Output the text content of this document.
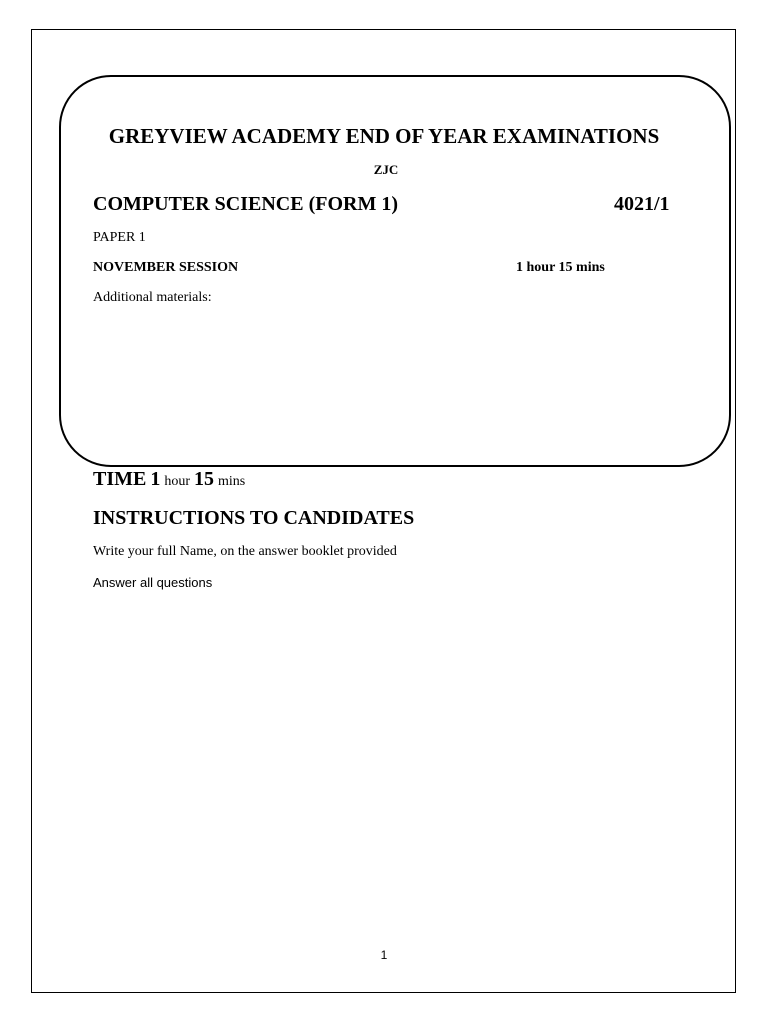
GREYVIEW ACADEMY END OF YEAR EXAMINATIONS
ZJC
COMPUTER SCIENCE (FORM 1)	4021/1
PAPER 1
NOVEMBER SESSION	1 hour 15 mins
Additional materials:
TIME 1 hour 15 mins
INSTRUCTIONS TO CANDIDATES
Write your full Name, on the answer booklet provided
Answer all questions
1
